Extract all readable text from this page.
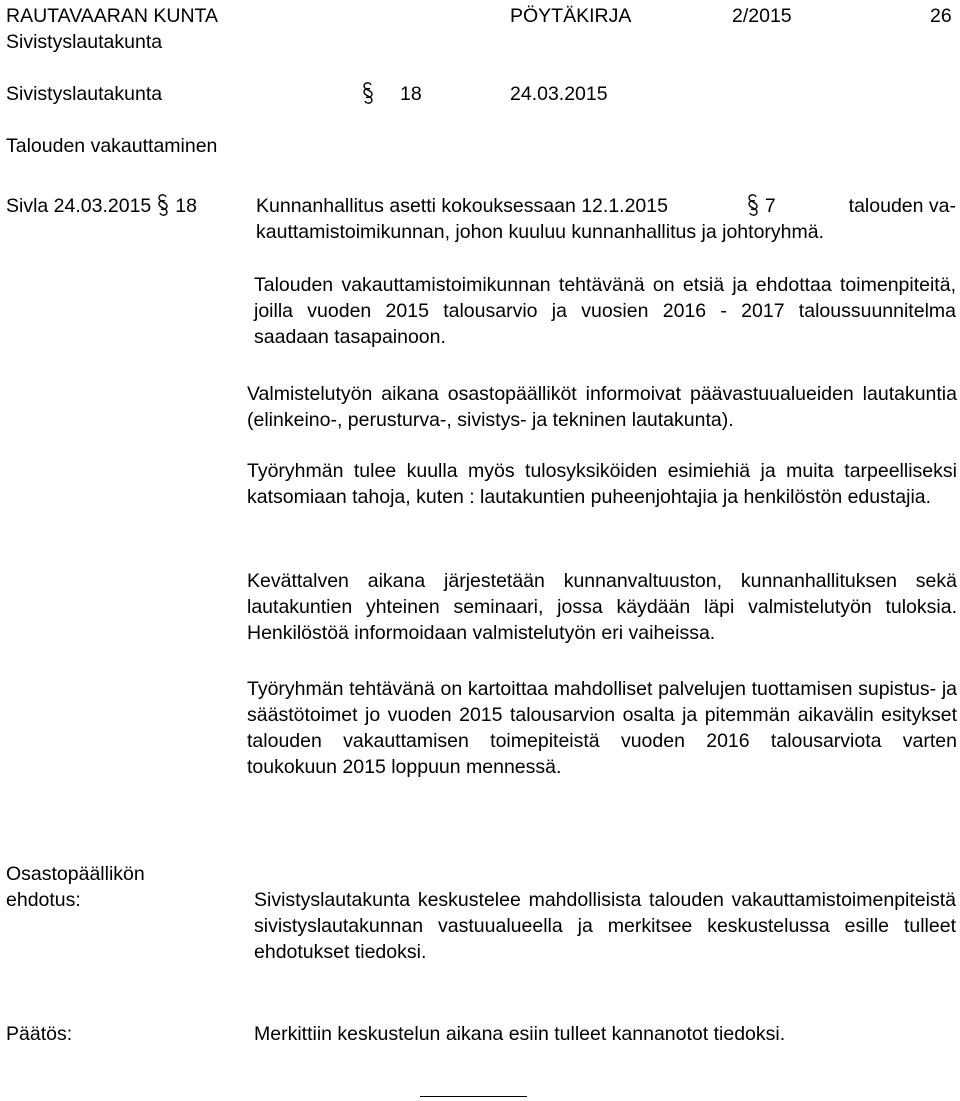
RAUTAVAARAN KUNTA
Sivistyslautakunta
PÖYTÄKIRJA	2/2015	26
Sivistyslautakunta	18	24.03.2015
Talouden vakauttaminen
Sivla 24.03.2015 18	Kunnanhallitus asetti kokouksessaan 12.1.2015	7	talouden va-
kauttamistoimikunnan, johon kuuluu kunnanhallitus ja johtoryhmä.
Talouden vakauttamistoimikunnan tehtävänä on etsiä ja ehdottaa toimenpiteitä, joilla vuoden 2015 talousarvio ja vuosien 2016 - 2017 taloussuunnitelma saadaan tasapainoon.
Valmistelutyön aikana osastopäälliköt informoivat päävastuualueiden lautakuntia (elinkeino-, perusturva-, sivistys- ja tekninen lautakunta).
Työryhmän tulee kuulla myös tulosyksiköiden esimiehiä ja muita tarpeelliseksi katsomiaan tahoja, kuten : lautakuntien puheenjohtajia ja henkilöstön edustajia.
Kevättalven aikana järjestetään kunnanvaltuuston, kunnanhallituksen sekä lautakuntien yhteinen seminaari, jossa käydään läpi valmistelutyön tuloksia. Henkilöstöä informoidaan valmistelutyön eri vaiheissa.
Työryhmän tehtävänä on kartoittaa mahdolliset palvelujen tuottamisen supistus- ja säästötoimet jo vuoden 2015 talousarvion osalta ja pitemmän aikavälin esitykset talouden vakauttamisen toimepiteistä vuoden 2016 talousarviota varten toukokuun 2015 loppuun mennessä.
Osastopäällikön
ehdotus:	Sivistyslautakunta keskustelee mahdollisista talouden vakauttamistoimenpiteistä sivistyslautakunnan vastuualueella ja merkitsee keskustelussa esille tulleet ehdotukset tiedoksi.
Päätös:	Merkittiin keskustelun aikana esiin tulleet kannanotot tiedoksi.
